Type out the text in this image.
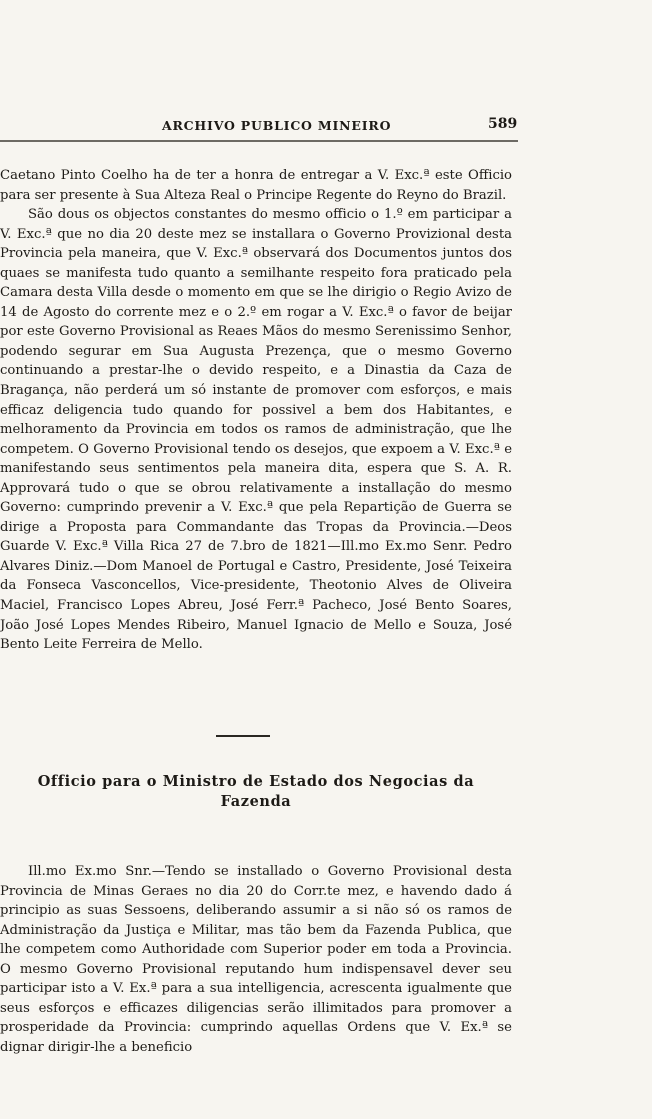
ARCHIVO PUBLICO MINEIRO	589

Caetano Pinto Coelho ha de ter a honra de entregar a V. Exc.ª este Officio para ser presente à Sua Alteza Real o Principe Regente do Reyno do Brazil.

São dous os objectos constantes do mesmo officio o 1.º em participar a V. Exc.ª que no dia 20 deste mez se installara o Governo Provizional desta Provincia pela maneira, que V. Exc.ª observará dos Documentos juntos dos quaes se manifesta tudo quanto a semilhante respeito fora praticado pela Camara desta Villa desde o momento em que se lhe dirigio o Regio Avizo de 14 de Agosto do corrente mez e o 2.º em rogar a V. Exc.ª o favor de beijar por este Governo Provisional as Reaes Mãos do mesmo Serenissimo Senhor, podendo segurar em Sua Augusta Prezença, que o mesmo Governo continuando a prestar-lhe o devido respeito, e a Dinastia da Caza de Bragança, não perderá um só instante de promover com esforços, e mais efficaz deligencia tudo quando for possivel a bem dos Habitantes, e melhoramento da Provincia em todos os ramos de administração, que lhe competem. O Governo Provisional tendo os desejos, que expoem a V. Exc.ª e manifestando seus sentimentos pela maneira dita, espera que S. A. R. Approvará tudo o que se obrou relativamente a installação do mesmo Governo: cumprindo prevenir a V. Exc.ª que pela Repartição de Guerra se dirige a Proposta para Commandante das Tropas da Provincia.—Deos Guarde V. Exc.ª Villa Rica 27 de 7.bro de 1821—Ill.mo Ex.mo Senr. Pedro Alvares Diniz.—Dom Manoel de Portugal e Castro, Presidente, José Teixeira da Fonseca Vasconcellos, Vice-presidente, Theotonio Alves de Oliveira Maciel, Francisco Lopes Abreu, José Ferr.ª Pacheco, José Bento Soares, João José Lopes Mendes Ribeiro, Manuel Ignacio de Mello e Souza, José Bento Leite Ferreira de Mello.

Officio para o Ministro de Estado dos Negocias da Fazenda

Ill.mo Ex.mo Snr.—Tendo se installado o Governo Provisional desta Provincia de Minas Geraes no dia 20 do Corr.te mez, e havendo dado á principio as suas Sessoens, deliberando assumir a si não só os ramos de Administração da Justiça e Militar, mas tão bem da Fazenda Publica, que lhe competem como Authoridade com Superior poder em toda a Provincia. O mesmo Governo Provisional reputando hum indispensavel dever seu participar isto a V. Ex.ª para a sua intelligencia, acrescenta igualmente que seus esforços e efficazes diligencias serão illimitados para promover a prosperidade da Provincia: cumprindo aquellas Ordens que V. Ex.ª se dignar dirigir-lhe a beneficio
